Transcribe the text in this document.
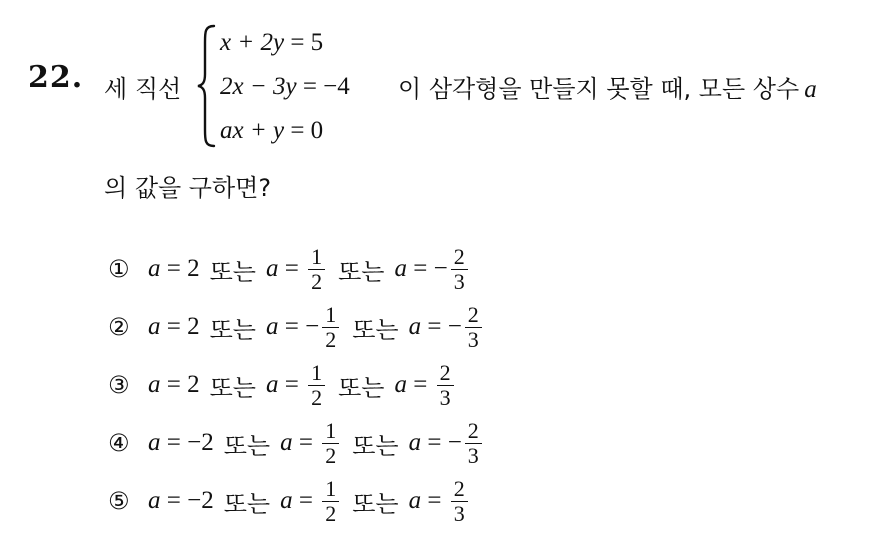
22. 세 직선
x + 2y = 5
2x − 3y = −4
ax + y = 0
이 삼각형을 만들지 못할 때, 모든 상수 a
의 값을 구하면?
① a = 2 또는 $a = \frac{1}{2}$ 또는 a = − $\frac{2}{3}$
② a = 2 또는 a = − $\frac{1}{2}$ 또는 a = − $\frac{2}{3}$
③ a = 2 또는 $a = \frac{1}{2}$ 또는 $a = \frac{2}{3}$
④ a = −2 또는 $a = \frac{1}{2}$ 또는 a = − $\frac{2}{3}$
⑤ a = −2 또는 $a = \frac{1}{2}$ 또는 $a = \frac{2}{3}$
